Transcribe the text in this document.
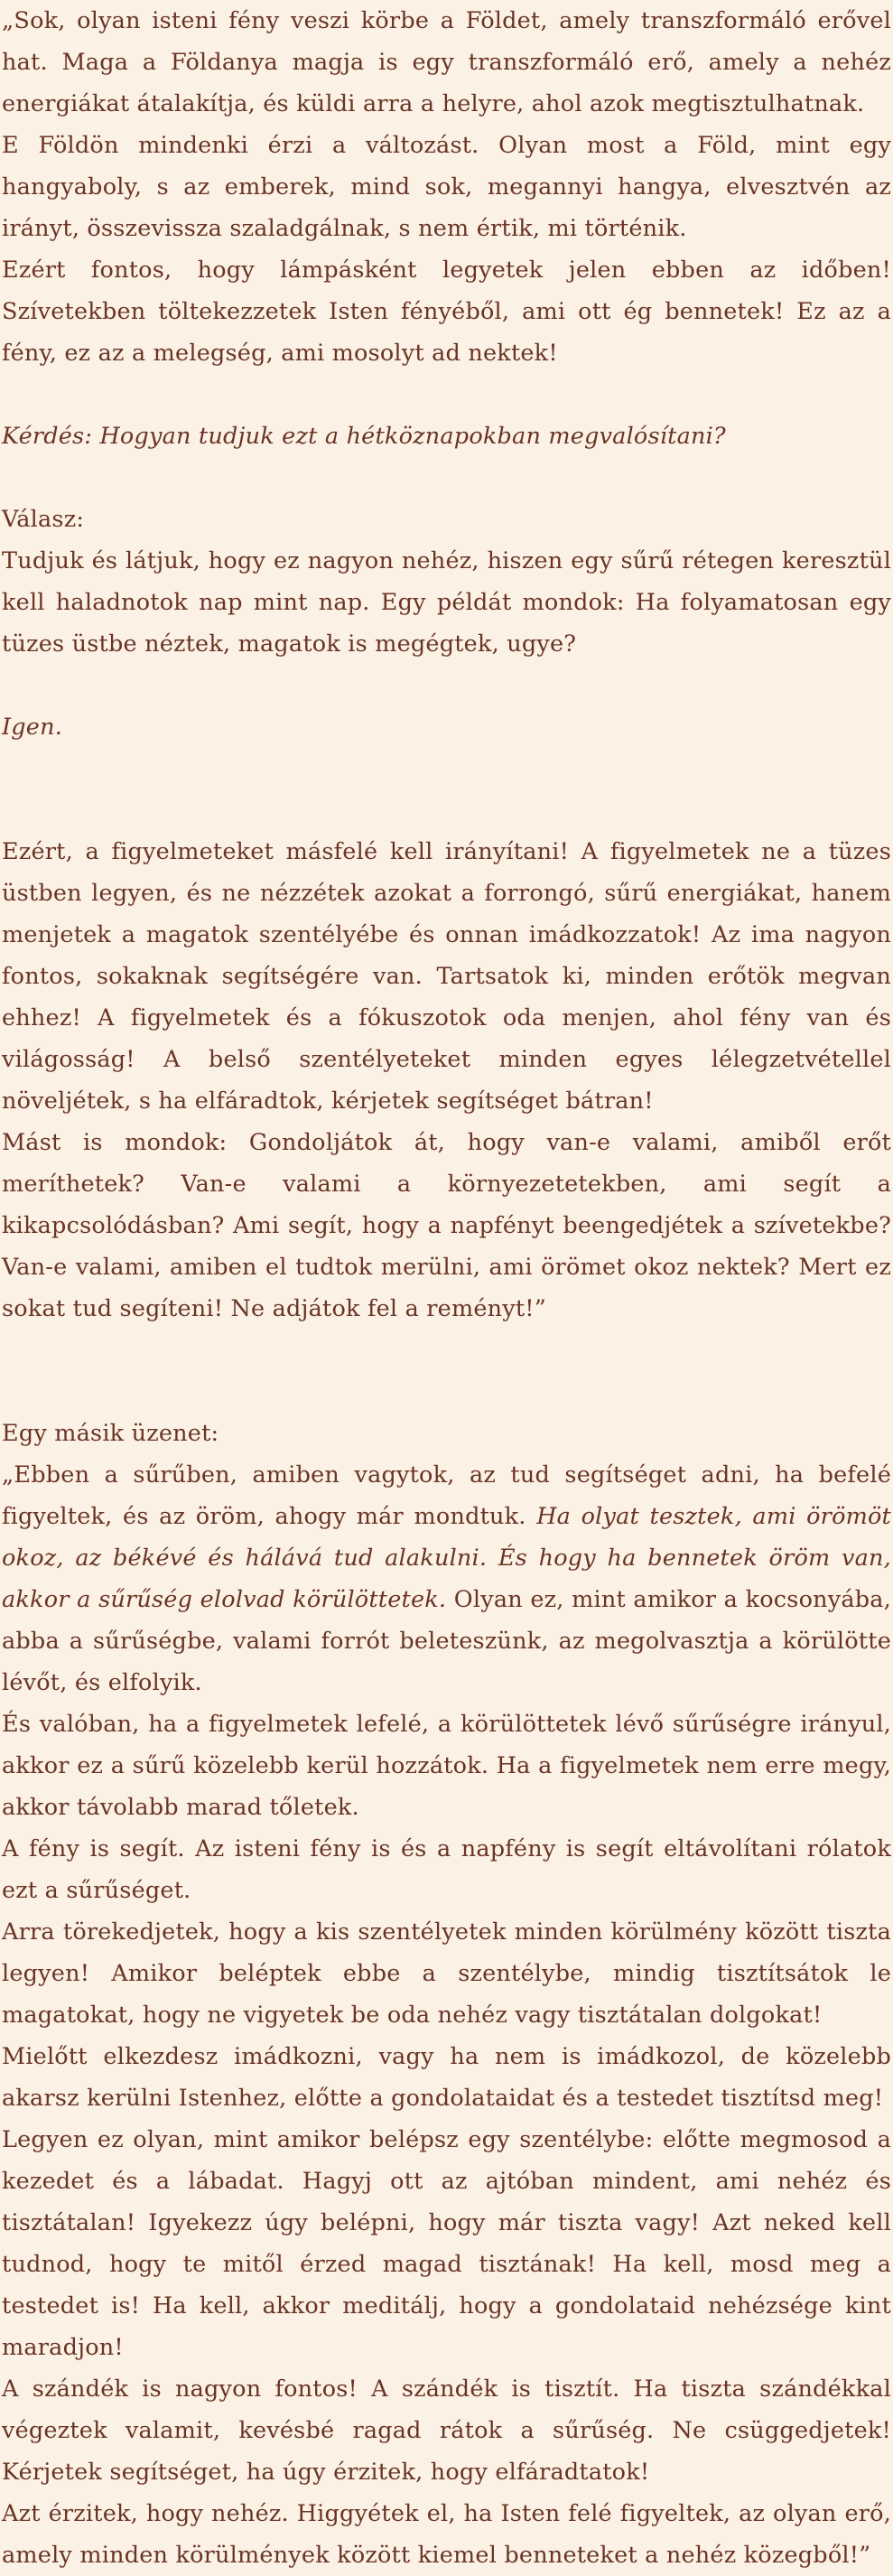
„Sok, olyan isteni fény veszi körbe a Földet, amely transzformáló erővel hat. Maga a Földanya magja is egy transzformáló erő, amely a nehéz energiákat átalakítja, és küldi arra a helyre, ahol azok megtisztulhatnak.

E Földön mindenki érzi a változást. Olyan most a Föld, mint egy hangyaboly, s az emberek, mind sok, megannyi hangya, elvesztvén az irányt, összevissza szaladgálnak, s nem értik, mi történik.

Ezért fontos, hogy lámpásként legyetek jelen ebben az időben! Szívetekben töltekezzetek Isten fényéből, ami ott ég bennetek! Ez az a fény, ez az a melegség, ami mosolyt ad nektek!

Kérdés: Hogyan tudjuk ezt a hétköznapokban megvalósítani?

Válasz:

Tudjuk és látjuk, hogy ez nagyon nehéz, hiszen egy sűrű rétegen keresztül kell haladnotok nap mint nap. Egy példát mondok: Ha folyamatosan egy tüzes üstbe néztek, magatok is megégtek, ugye?

Igen.

Ezért, a figyelmeteket másfelé kell irányítani! A figyelmetek ne a tüzes üstben legyen, és ne nézzétek azokat a forrongó, sűrű energiákat, hanem menjetek a magatok szentélyébe és onnan imádkozzatok! Az ima nagyon fontos, sokaknak segítségére van. Tartsatok ki, minden erőtök megvan ehhez! A figyelmetek és a fókuszotok oda menjen, ahol fény van és világosság! A belső szentélyeteket minden egyes lélegzetvétellel növeljétek, s ha elfáradtok, kérjetek segítséget bátran!

Mást is mondok: Gondoljátok át, hogy van-e valami, amiből erőt meríthetek? Van-e valami a környezetetekben, ami segít a kikapcsolódásban? Ami segít, hogy a napfényt beengedjétek a szívetekbe? Van-e valami, amiben el tudtok merülni, ami örömet okoz nektek? Mert ez sokat tud segíteni! Ne adjátok fel a reményt!”

Egy másik üzenet:

„Ebben a sűrűben, amiben vagytok, az tud segítséget adni, ha befelé figyeltek, és az öröm, ahogy már mondtuk. Ha olyat tesztek, ami örömöt okoz, az békévé és hálává tud alakulni. És hogy ha bennetek öröm van, akkor a sűrűség elolvad körülöttetek. Olyan ez, mint amikor a kocsonyába, abba a sűrűségbe, valami forrót beleteszünk, az megolvasztja a körülötte lévőt, és elfolyik.

És valóban, ha a figyelmetek lefelé, a körülöttetek lévő sűrűségre irányul, akkor ez a sűrű közelebb kerül hozzátok. Ha a figyelmetek nem erre megy, akkor távolabb marad tőletek.

A fény is segít. Az isteni fény is és a napfény is segít eltávolítani rólatok ezt a sűrűséget.

Arra törekedjetek, hogy a kis szentélyetek minden körülmény között tiszta legyen! Amikor beléptek ebbe a szentélybe, mindig tisztítsátok le magatokat, hogy ne vigyetek be oda nehéz vagy tisztátalan dolgokat!

Mielőtt elkezdesz imádkozni, vagy ha nem is imádkozol, de közelebb akarsz kerülni Istenhez, előtte a gondolataidat és a testedet tisztítsd meg!

Legyen ez olyan, mint amikor belépsz egy szentélybe: előtte megmosod a kezedet és a lábadat. Hagyj ott az ajtóban mindent, ami nehéz és tisztátalan! Igyekezz úgy belépni, hogy már tiszta vagy! Azt neked kell tudnod, hogy te mitől érzed magad tisztának! Ha kell, mosd meg a testedet is! Ha kell, akkor meditálj, hogy a gondolataid nehézsége kint maradjon!

A szándék is nagyon fontos! A szándék is tisztít. Ha tiszta szándékkal végeztek valamit, kevésbé ragad rátok a sűrűség. Ne csüggedjetek! Kérjetek segítséget, ha úgy érzitek, hogy elfáradtatok!

Azt érzitek, hogy nehéz. Higgyétek el, ha Isten felé figyeltek, az olyan erő, amely minden körülmények között kiemel benneteket a nehéz közegből!”
